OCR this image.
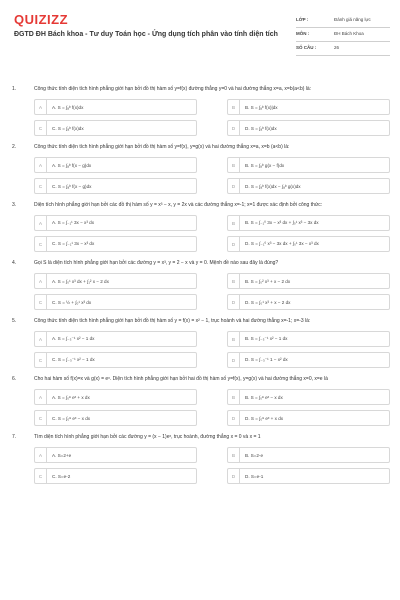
QUIZIZZ
ĐGTD ĐH Bách khoa - Tư duy Toán học - Ứng dụng tích phân vào tính diện tích
LỚP :	Đánh giá năng lực
MÔN :	ĐH Bách Khoa
SỐ CÂU :	26
1.	Công thức tính diện tích hình phẳng giới hạn bởi đồ thị hàm số y=f(x) đường thẳng y=0 và hai đường thẳng x=a, x=b(a<b) là:
A	A. S = ∫ₐᵇ f(x)dx	B	B. S = ∫ₐᵇ f(x)|dx
C	C. S = ∫ₐᵇ f(x)dx	D	D. S = ∫ₐᵇ f(x)dx
2.	Công thức tính diện tích hình phẳng giới hạn bởi đồ thị hàm số y=f(x), y=g(x) và hai đường thẳng x=a, x=b (a<b) là:
A	A. S = ∫ₐᵇ f(x − g)dx	B	B. S = ∫ₐᵇ g(x − f)dx
C	C. S = ∫ₐᵇ f(x − g)dx	D	D. S = ∫ₐᵇ f(x)dx − ∫ₐᵇ g(x)dx
3.	Diện tích hình phẳng giới hạn bởi các đồ thị hàm số y = x³ − x, y = 2x và các đường thẳng x=-1; x=1 được xác định bởi công thức:
A	A. S = ∫₋₁¹ 3x − x³ dx	B	B. S = ∫₋₁⁰ 3x − x³ dx + ∫₀¹ x³ − 3x dx
C	C. S = ∫₋₁¹ 3x − x³ dx	D	D. S = ∫₋₁⁰ x³ − 3x dx + ∫₀¹ 3x − x³ dx
4.	Gọi S là diện tích hình phẳng giới hạn bởi các đường y = x³, y = 2 − x và y = 0. Mệnh đề nào sau đây là đúng?
A	A. S = ∫₀¹ x³ dx + ∫₁² x − 2 dx	B	B. S = ∫₀² x³ + x − 2 dx
C	C. S = ½ + ∫₀¹ x³ dx	D	D. S = ∫₀¹ x³ + x − 2 dx
5.	Công thức tính diện tích hình phẳng giới hạn bởi đồ thị hàm số y = f(x) = x² − 1, trục hoành và hai đường thẳng x=-1; x=-3 là:
A	A. S = ∫₋₃⁻¹ x² − 1 dx	B	B. S = ∫₋₃⁻¹ x² − 1 dx
C	C. S = ∫₋₃⁻¹ x² − 1 dx	D	D. S = ∫₋₃⁻¹ 1 − x² dx
6.	Cho hai hàm số f(x)=x và g(x) = eˣ. Diện tích hình phẳng giới hạn bởi hai đồ thị hàm số y=f(x), y=g(x) và hai đường thẳng x=0, x=e là
A	A. S = ∫₀ᵉ eˣ + x dx	B	B. S = ∫₀ᵉ eˣ − x dx
C	C. S = ∫₀ᵉ eˣ − x dx	D	D. S = ∫₀ᵉ eˣ + x dx
7.	Tìm diện tích hình phẳng giới hạn bởi các đường y = (x − 1)eˣ, trục hoành, đường thẳng x = 0 và x = 1
A	A. S=2+e	B	B. S=2-e
C	C. S=e-2	D	D. S=e-1
